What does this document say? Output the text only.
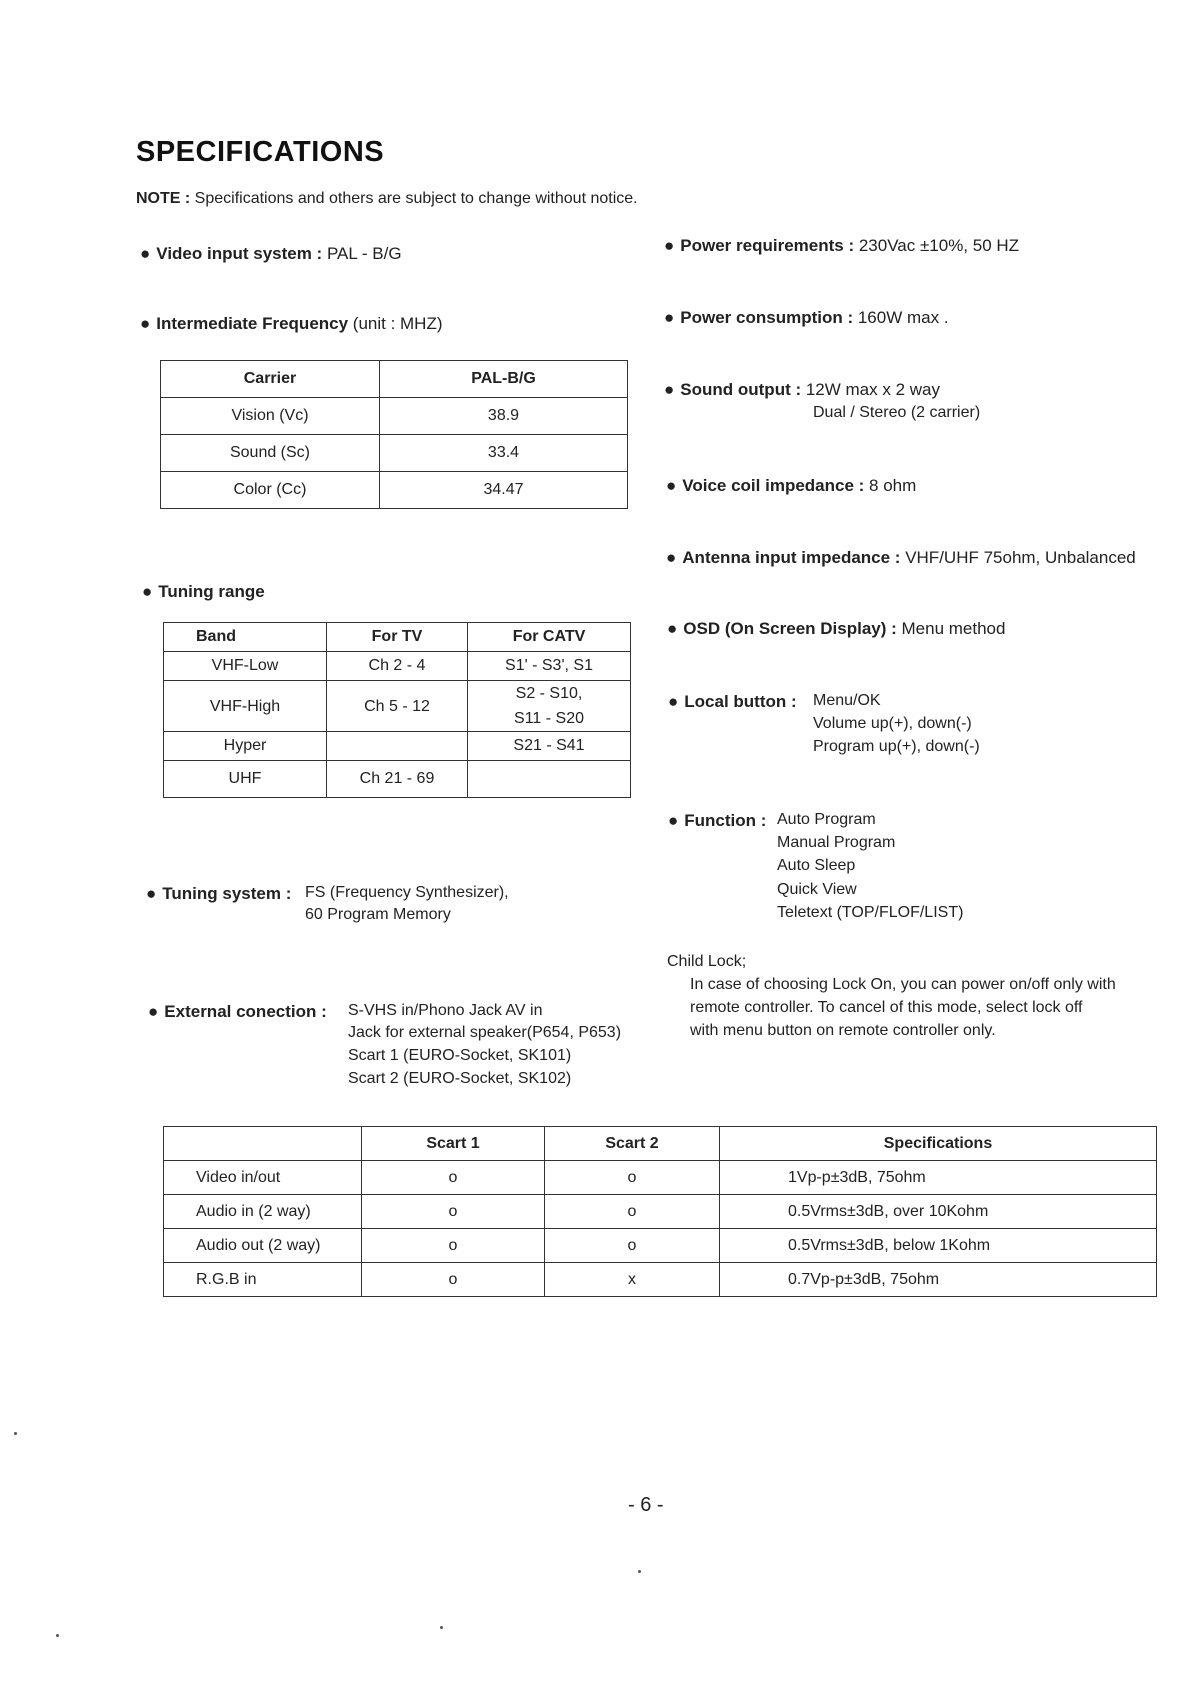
SPECIFICATIONS
NOTE : Specifications and others are subject to change without notice.
● Video input system : PAL - B/G
● Intermediate Frequency (unit : MHZ)
Carrier	PAL-B/G
Vision (Vc)	38.9
Sound (Sc)	33.4
Color (Cc)	34.47
● Tuning range
Band	For TV	For CATV
VHF-Low	Ch 2 - 4	S1' - S3', S1
VHF-High	Ch 5 - 12	S2 - S10,
S11 - S20

Hyper		S21 - S41
UHF	Ch 21 - 69	
● Tuning system : FS (Frequency Synthesizer),
60 Program Memory
● External conection : S-VHS in/Phono Jack AV in
Jack for external speaker(P654, P653)
Scart 1 (EURO-Socket, SK101)
Scart 2 (EURO-Socket, SK102)
● Power requirements : 230Vac ±10%, 50 HZ
● Power consumption : 160W max .
● Sound output : 12W max x 2 way
Dual / Stereo (2 carrier)
● Voice coil impedance : 8 ohm
● Antenna input impedance : VHF/UHF 75ohm, Unbalanced
● OSD (On Screen Display) : Menu method
● Local button : Menu/OK
Volume up(+), down(-)
Program up(+), down(-)
● Function : Auto Program
Manual Program
Auto Sleep
Quick View
Teletext (TOP/FLOF/LIST)
Child Lock;
In case of choosing Lock On, you can power on/off only with
remote controller. To cancel of this mode, select lock off
with menu button on remote controller only.
	Scart 1	Scart 2	Specifications
Video in/out	o	o	1Vp-p±3dB, 75ohm
Audio in (2 way)	o	o	0.5Vrms±3dB, over 10Kohm
Audio out (2 way)	o	o	0.5Vrms±3dB, below 1Kohm
R.G.B in	o	x	0.7Vp-p±3dB, 75ohm
- 6 -
